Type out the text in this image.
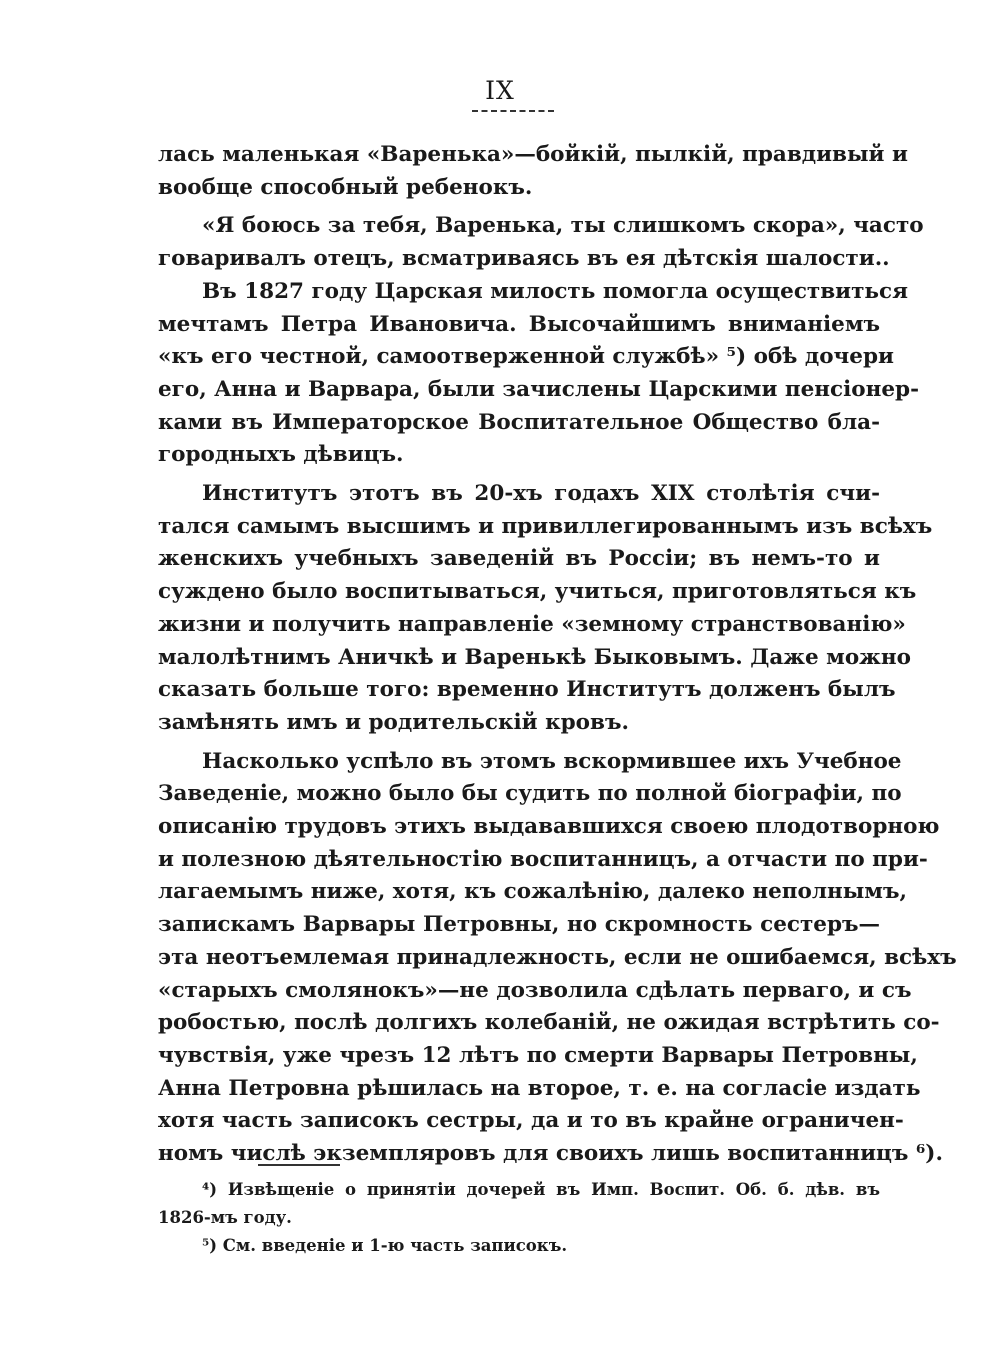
IX
лась маленькая «Варенька»—бойкій, пылкій, правдивый и
вообще способный ребенокъ.
«Я боюсь за тебя, Варенька, ты слишкомъ скора», часто
говаривалъ отецъ, всматриваясь въ ея дѣтскія шалости..
Въ 1827 году Царская милость помогла осуществиться
мечтамъ Петра Ивановича. Высочайшимъ вниманіемъ
«къ его честной, самоотверженной службѣ» ⁵) обѣ дочери
его, Анна и Варвара, были зачислены Царскими пенсіонер-
ками въ Императорское Воспитательное Общество бла-
городныхъ дѣвицъ.
Институтъ этотъ въ 20-хъ годахъ XIX столѣтія счи-
тался самымъ высшимъ и привиллегированнымъ изъ всѣхъ
женскихъ учебныхъ заведеній въ Россіи; въ немъ-то и
суждено было воспитываться, учиться, приготовляться къ
жизни и получить направленіе «земному странствованію»
малолѣтнимъ Аничкѣ и Варенькѣ Быковымъ. Даже можно
сказать больше того: временно Институтъ долженъ былъ
замѣнять имъ и родительскій кровъ.
Насколько успѣло въ этомъ вскормившее ихъ Учебное
Заведеніе, можно было бы судить по полной біографіи, по
описанію трудовъ этихъ выдававшихся своею плодотворною
и полезною дѣятельностію воспитанницъ, а отчасти по при-
лагаемымъ ниже, хотя, къ сожалѣнію, далеко неполнымъ,
запискамъ Варвары Петровны, но скромность сестеръ—
эта неотъемлемая принадлежность, если не ошибаемся, всѣхъ
«старыхъ смолянокъ»—не дозволила сдѣлать перваго, и съ
робостью, послѣ долгихъ колебаній, не ожидая встрѣтить со-
чувствія, уже чрезъ 12 лѣтъ по смерти Варвары Петровны,
Анна Петровна рѣшилась на второе, т. е. на согласіе издать
хотя часть записокъ сестры, да и то въ крайне ограничен-
номъ числѣ экземпляровъ для своихъ лишь воспитанницъ ⁶).
⁴) Извѣщеніе о принятіи дочерей въ Имп. Воспит. Об. б. дѣв. въ
1826-мъ году.
⁵) См. введеніе и 1-ю часть записокъ.
